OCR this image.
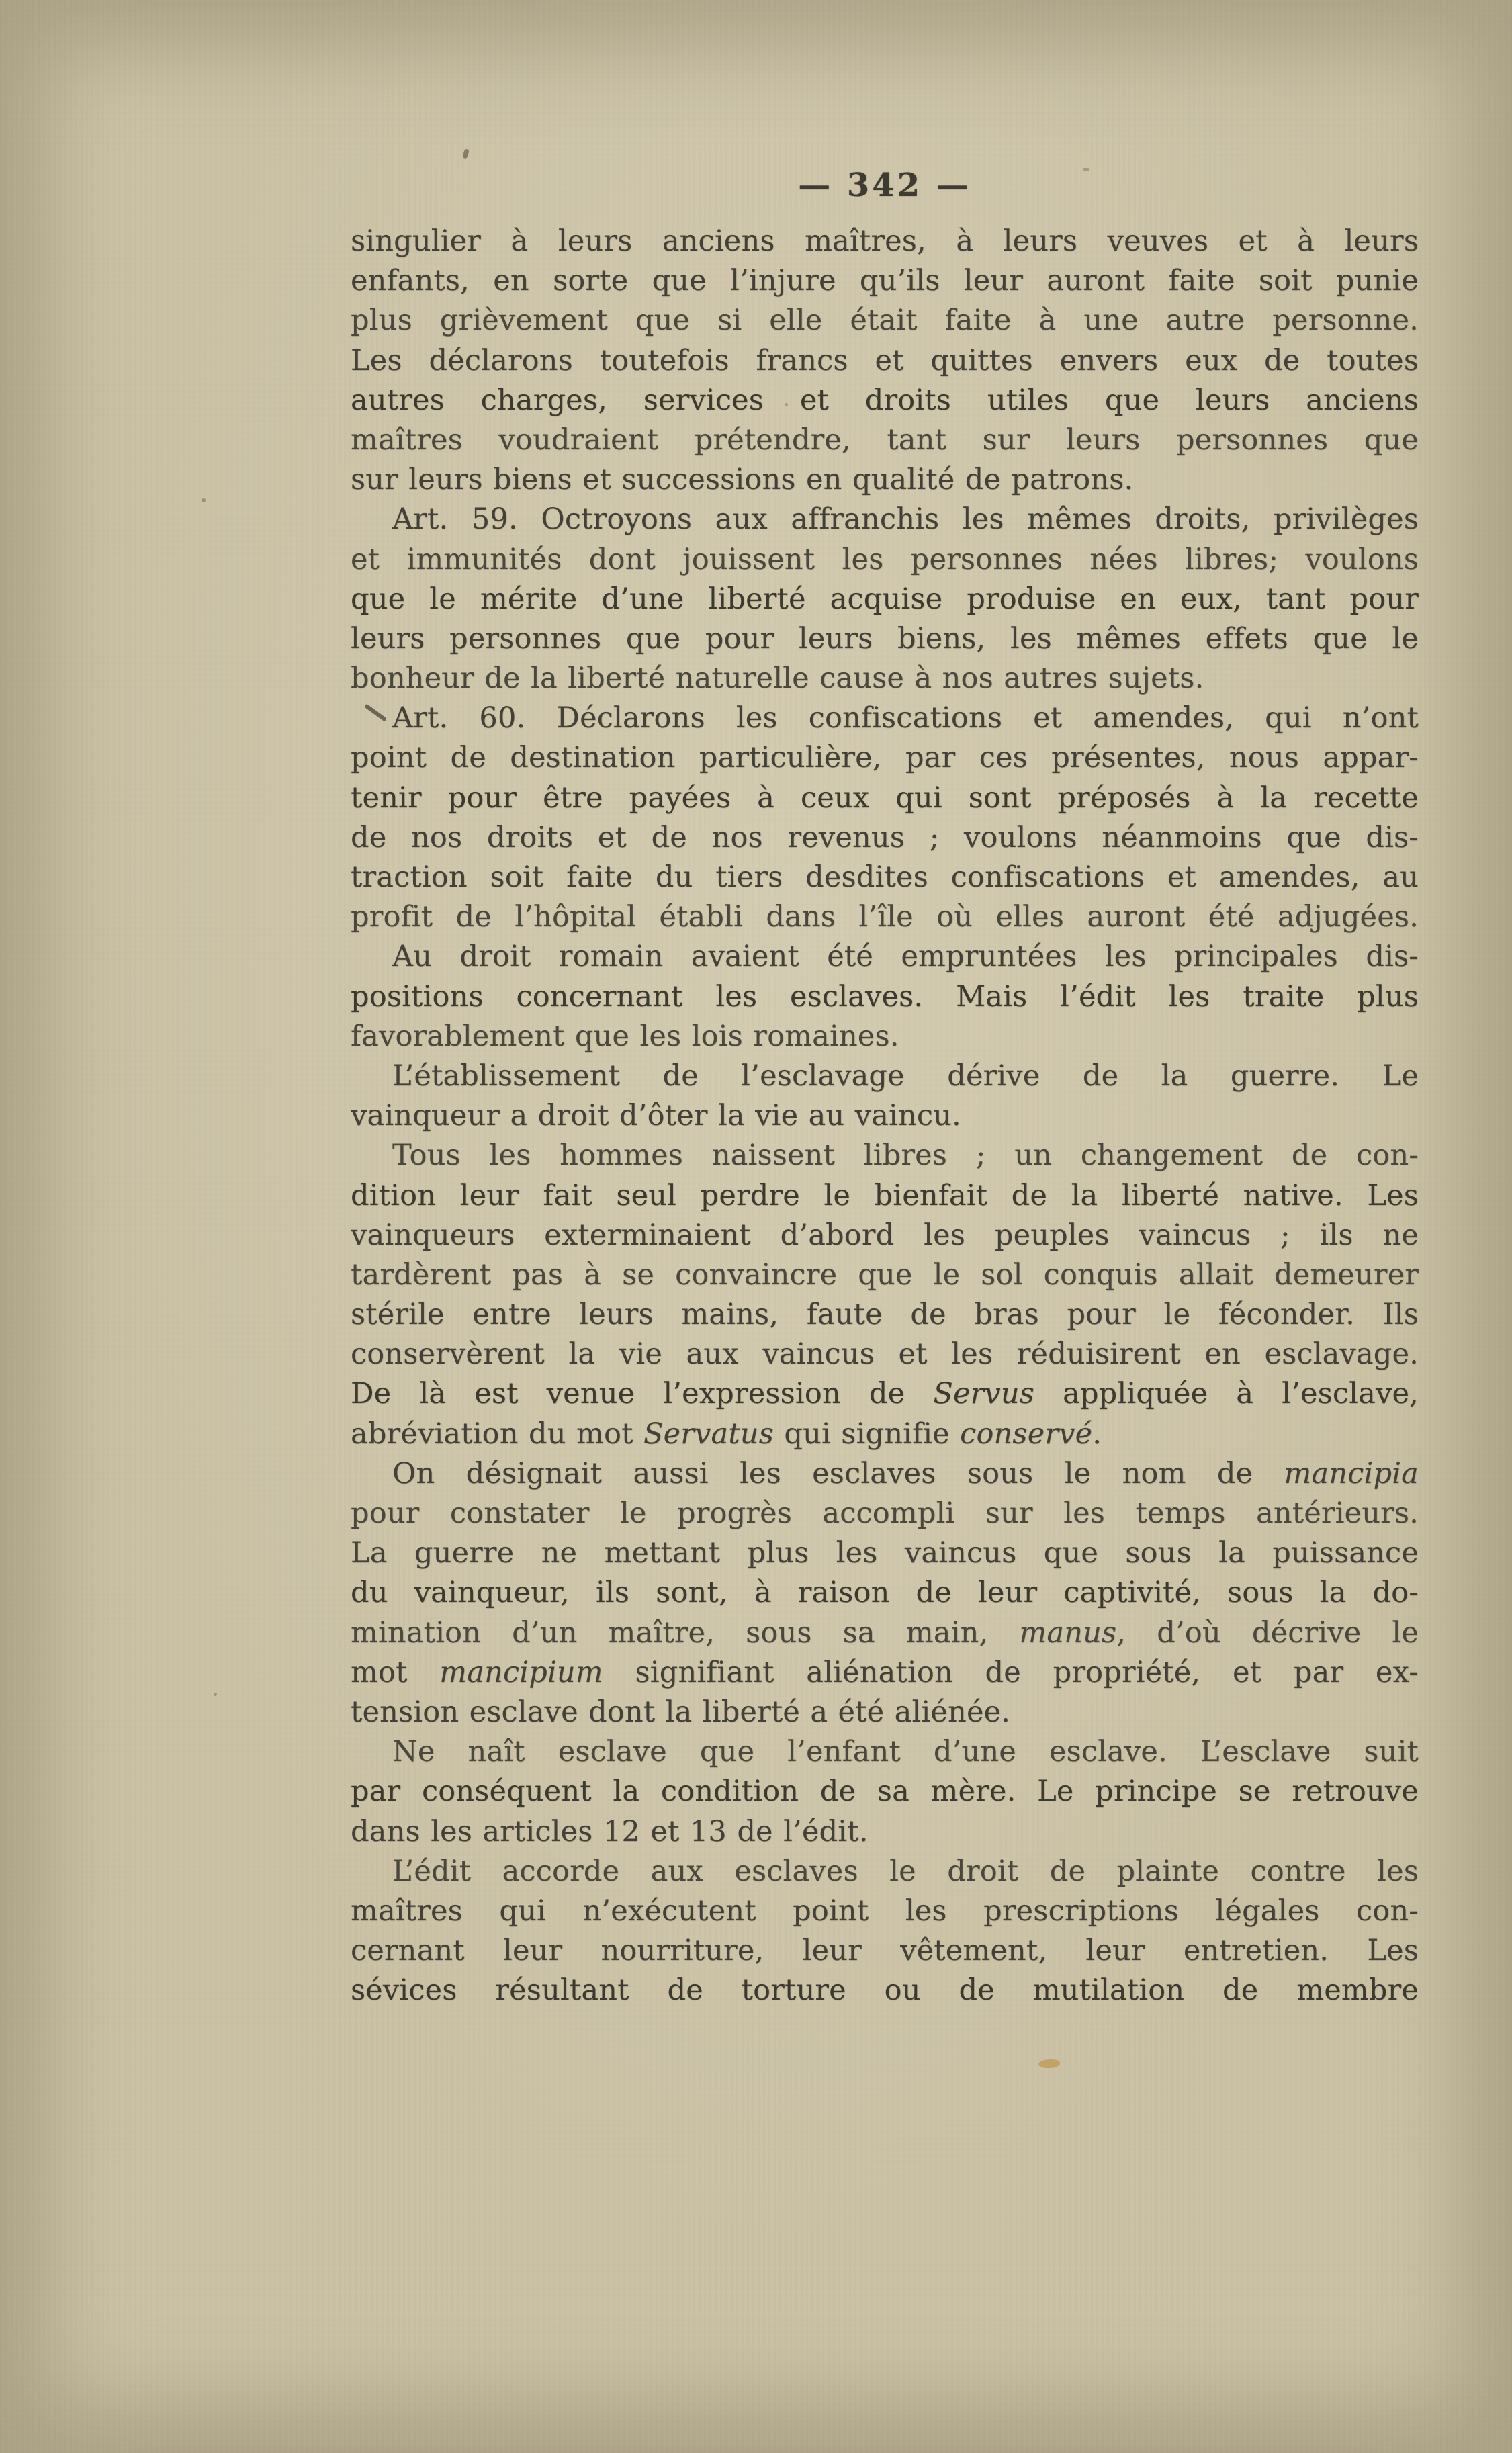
— 342 —
singulier à leurs anciens maîtres, à leurs veuves et à leurs
enfants, en sorte que l’injure qu’ils leur auront faite soit punie
plus grièvement que si elle était faite à une autre personne.
Les déclarons toutefois francs et quittes envers eux de toutes
autres charges, services et droits utiles que leurs anciens
maîtres voudraient prétendre, tant sur leurs personnes que
sur leurs biens et successions en qualité de patrons.
Art. 59. Octroyons aux affranchis les mêmes droits, privilèges
et immunités dont jouissent les personnes nées libres; voulons
que le mérite d’une liberté acquise produise en eux, tant pour
leurs personnes que pour leurs biens, les mêmes effets que le
bonheur de la liberté naturelle cause à nos autres sujets.
Art. 60. Déclarons les confiscations et amendes, qui n’ont
point de destination particulière, par ces présentes, nous appar-
tenir pour être payées à ceux qui sont préposés à la recette
de nos droits et de nos revenus ; voulons néanmoins que dis-
traction soit faite du tiers desdites confiscations et amendes, au
profit de l’hôpital établi dans l’île où elles auront été adjugées.
Au droit romain avaient été empruntées les principales dis-
positions concernant les esclaves. Mais l’édit les traite plus
favorablement que les lois romaines.
L’établissement de l’esclavage dérive de la guerre. Le
vainqueur a droit d’ôter la vie au vaincu.
Tous les hommes naissent libres ; un changement de con-
dition leur fait seul perdre le bienfait de la liberté native. Les
vainqueurs exterminaient d’abord les peuples vaincus ; ils ne
tardèrent pas à se convaincre que le sol conquis allait demeurer
stérile entre leurs mains, faute de bras pour le féconder. Ils
conservèrent la vie aux vaincus et les réduisirent en esclavage.
De là est venue l’expression de Servus appliquée à l’esclave,
abréviation du mot Servatus qui signifie conservé.
On désignait aussi les esclaves sous le nom de mancipia
pour constater le progrès accompli sur les temps antérieurs.
La guerre ne mettant plus les vaincus que sous la puissance
du vainqueur, ils sont, à raison de leur captivité, sous la do-
mination d’un maître, sous sa main, manus, d’où décrive le
mot mancipium signifiant aliénation de propriété, et par ex-
tension esclave dont la liberté a été aliénée.
Ne naît esclave que l’enfant d’une esclave. L’esclave suit
par conséquent la condition de sa mère. Le principe se retrouve
dans les articles 12 et 13 de l’édit.
L’édit accorde aux esclaves le droit de plainte contre les
maîtres qui n’exécutent point les prescriptions légales con-
cernant leur nourriture, leur vêtement, leur entretien. Les
sévices résultant de torture ou de mutilation de membre
